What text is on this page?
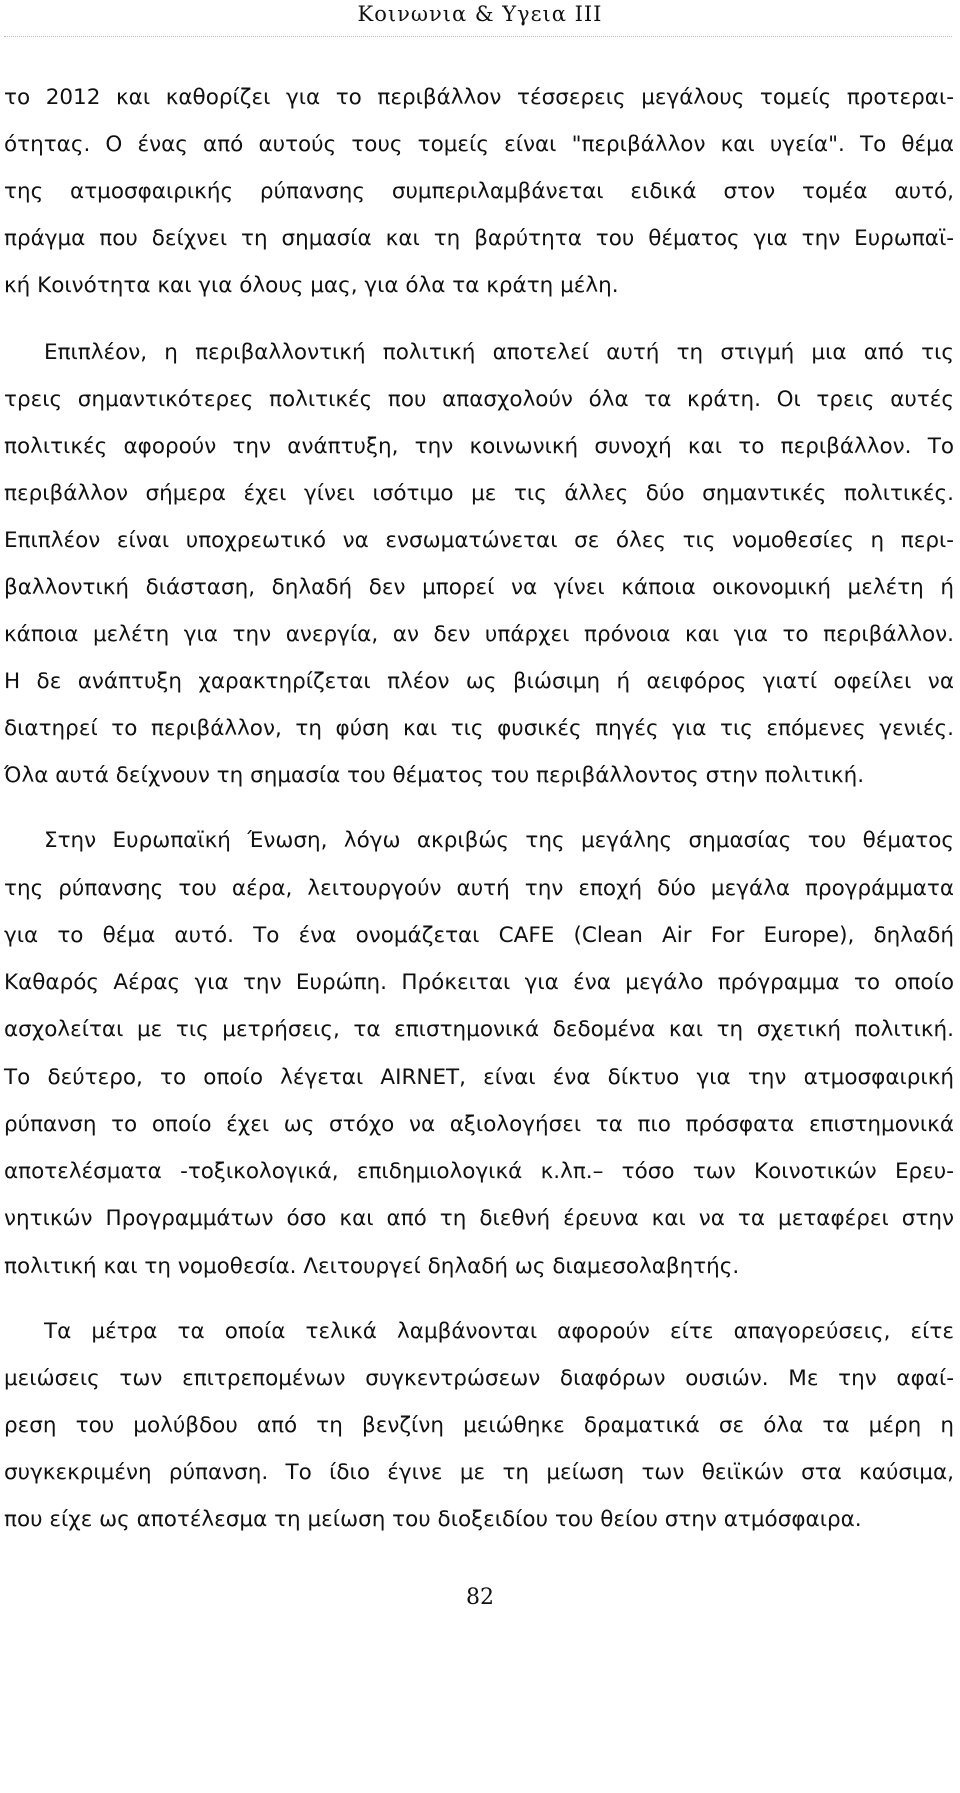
Κοινωνια & Υγεια III
το 2012 και καθορίζει για το περιβάλλον τέσσερεις μεγάλους τομείς προτεραι-
ότητας. Ο ένας από αυτούς τους τομείς είναι "περιβάλλον και υγεία". Το θέμα
της ατμοσφαιρικής ρύπανσης συμπεριλαμβάνεται ειδικά στον τομέα αυτό,
πράγμα που δείχνει τη σημασία και τη βαρύτητα του θέματος για την Ευρωπαϊ-
κή Κοινότητα και για όλους μας, για όλα τα κράτη μέλη.
Επιπλέον, η περιβαλλοντική πολιτική αποτελεί αυτή τη στιγμή μια από τις
τρεις σημαντικότερες πολιτικές που απασχολούν όλα τα κράτη. Οι τρεις αυτές
πολιτικές αφορούν την ανάπτυξη, την κοινωνική συνοχή και το περιβάλλον. Το
περιβάλλον σήμερα έχει γίνει ισότιμο με τις άλλες δύο σημαντικές πολιτικές.
Επιπλέον είναι υποχρεωτικό να ενσωματώνεται σε όλες τις νομοθεσίες η περι-
βαλλοντική διάσταση, δηλαδή δεν μπορεί να γίνει κάποια οικονομική μελέτη ή
κάποια μελέτη για την ανεργία, αν δεν υπάρχει πρόνοια και για το περιβάλλον.
Η δε ανάπτυξη χαρακτηρίζεται πλέον ως βιώσιμη ή αειφόρος γιατί οφείλει να
διατηρεί το περιβάλλον, τη φύση και τις φυσικές πηγές για τις επόμενες γενιές.
Όλα αυτά δείχνουν τη σημασία του θέματος του περιβάλλοντος στην πολιτική.
Στην Ευρωπαϊκή Ένωση, λόγω ακριβώς της μεγάλης σημασίας του θέματος
της ρύπανσης του αέρα, λειτουργούν αυτή την εποχή δύο μεγάλα προγράμματα
για το θέμα αυτό. Το ένα ονομάζεται CAFE (Clean Air For Europe), δηλαδή
Καθαρός Αέρας για την Ευρώπη. Πρόκειται για ένα μεγάλο πρόγραμμα το οποίο
ασχολείται με τις μετρήσεις, τα επιστημονικά δεδομένα και τη σχετική πολιτική.
Το δεύτερο, το οποίο λέγεται AIRNET, είναι ένα δίκτυο για την ατμοσφαιρική
ρύπανση το οποίο έχει ως στόχο να αξιολογήσει τα πιο πρόσφατα επιστημονικά
αποτελέσματα -τοξικολογικά, επιδημιολογικά κ.λπ.– τόσο των Κοινοτικών Ερευ-
νητικών Προγραμμάτων όσο και από τη διεθνή έρευνα και να τα μεταφέρει στην
πολιτική και τη νομοθεσία. Λειτουργεί δηλαδή ως διαμεσολαβητής.
Τα μέτρα τα οποία τελικά λαμβάνονται αφορούν είτε απαγορεύσεις, είτε
μειώσεις των επιτρεπομένων συγκεντρώσεων διαφόρων ουσιών. Με την αφαί-
ρεση του μολύβδου από τη βενζίνη μειώθηκε δραματικά σε όλα τα μέρη η
συγκεκριμένη ρύπανση. Το ίδιο έγινε με τη μείωση των θειϊκών στα καύσιμα,
που είχε ως αποτέλεσμα τη μείωση του διοξειδίου του θείου στην ατμόσφαιρα.
82
